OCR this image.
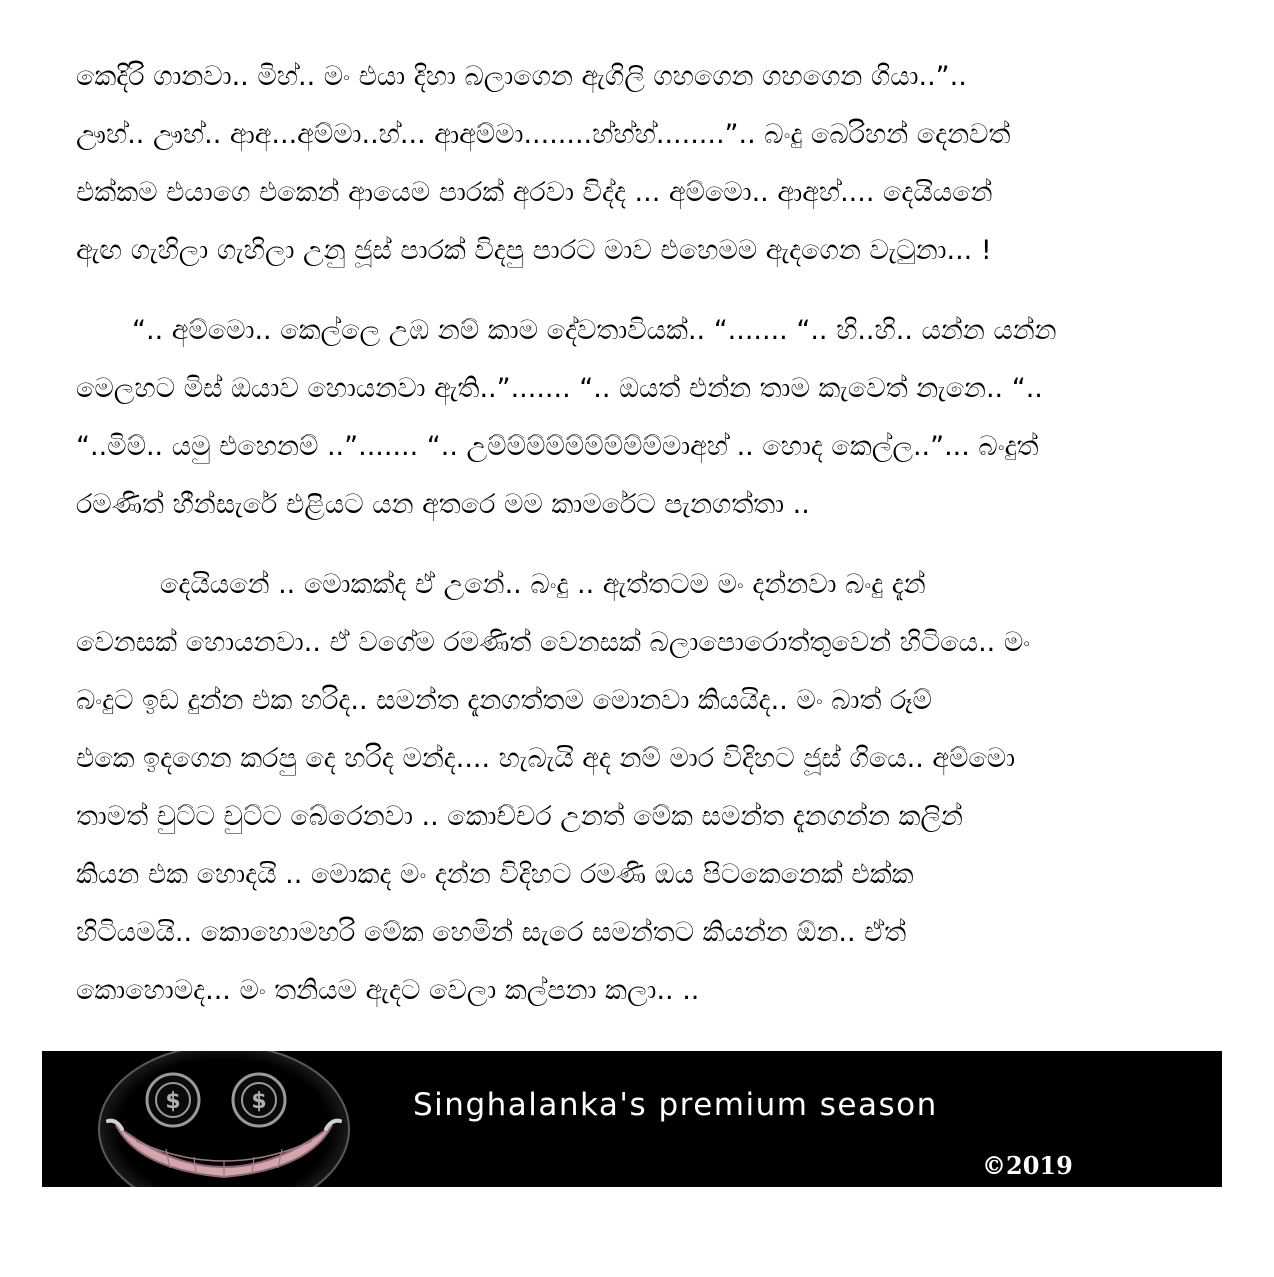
කෙදිරි ගානවා.. මිහ්.. මං එයා දිහා බලාගෙන ඇගිලි ගහගෙන ගහගෙන ගියා..”..
ඌහ්.. ඌහ්.. ආඅ...අම්මා..හ්... ආඅම්මා........හ්හ්හ්........”.. බංදු බෙරිහන් දෙනවත්
එක්කම එයාගෙ එකෙන් ආයෙම පාරක් අරවා විද්ද ... අම්මො.. ආඅහ්.... දෙයියනේ
ඇඟ ගැහිලා ගැහිලා උනු ජූස් පාරක් විදපු පාරට මාව එහෙමම ඇදගෙන වැටුනා... !
“.. අම්මො.. කෙල්ලෙ උඹ නම් කාම දේවතාවියක්.. “....... “.. හි..හි.. යන්න යන්න
මෙලහට මිස් ඔයාව හොයනවා ඇති..”....... “.. ඔයත් එන්න තාම කැවෙත් නැනෙ.. “..
“..මිම්.. යමු එහෙනම් ..”....... “.. උම්ම්ම්ම්ම්ම්ම්ම්ම්මාඅහ් .. හොද කෙල්ල..”... බංදුත්
රමණිත් හීන්සැරේ එළියට යන අතරෙ මම කාමරේට පැනගත්තා ..
දෙයියනේ .. මොකක්ද ඒ උනේ.. බංදු .. ඇත්තටම මං දන්නවා බංදු දැන්
වෙනසක් හොයනවා.. ඒ වගේම රමණිත් වෙනසක් බලාපොරොත්තුවෙන් හිටියෙ.. මං
බංදුට ඉඩ දුන්න එක හරිද.. සමන්ත දැනගත්තම මොනවා කියයිද.. මං බාත් රූම්
එකෙ ඉදගෙන කරපු දෙ හරිද මන්ද.... හැබැයි අද නම් මාර විදිහට ජූස් ගියෙ.. අම්මො
තාමත් චුට්ට චුට්ට බේරෙනවා .. කොච්චර උනත් මේක සමන්ත දැනගන්න කලින්
කියන එක හොදයි .. මොකද මං දන්න විදිහට රමණි ඔය පිටකෙනෙක් එක්ක
හිටියමයි.. කොහොමහරි මේක හෙමින් සැරෙ සමන්තට කියන්න ඕන.. ඒත්
කොහොමද... මං තනියම ඇදට වෙලා කල්පනා කලා.. ..
$	$	Singhalanka's premium season
©2019
